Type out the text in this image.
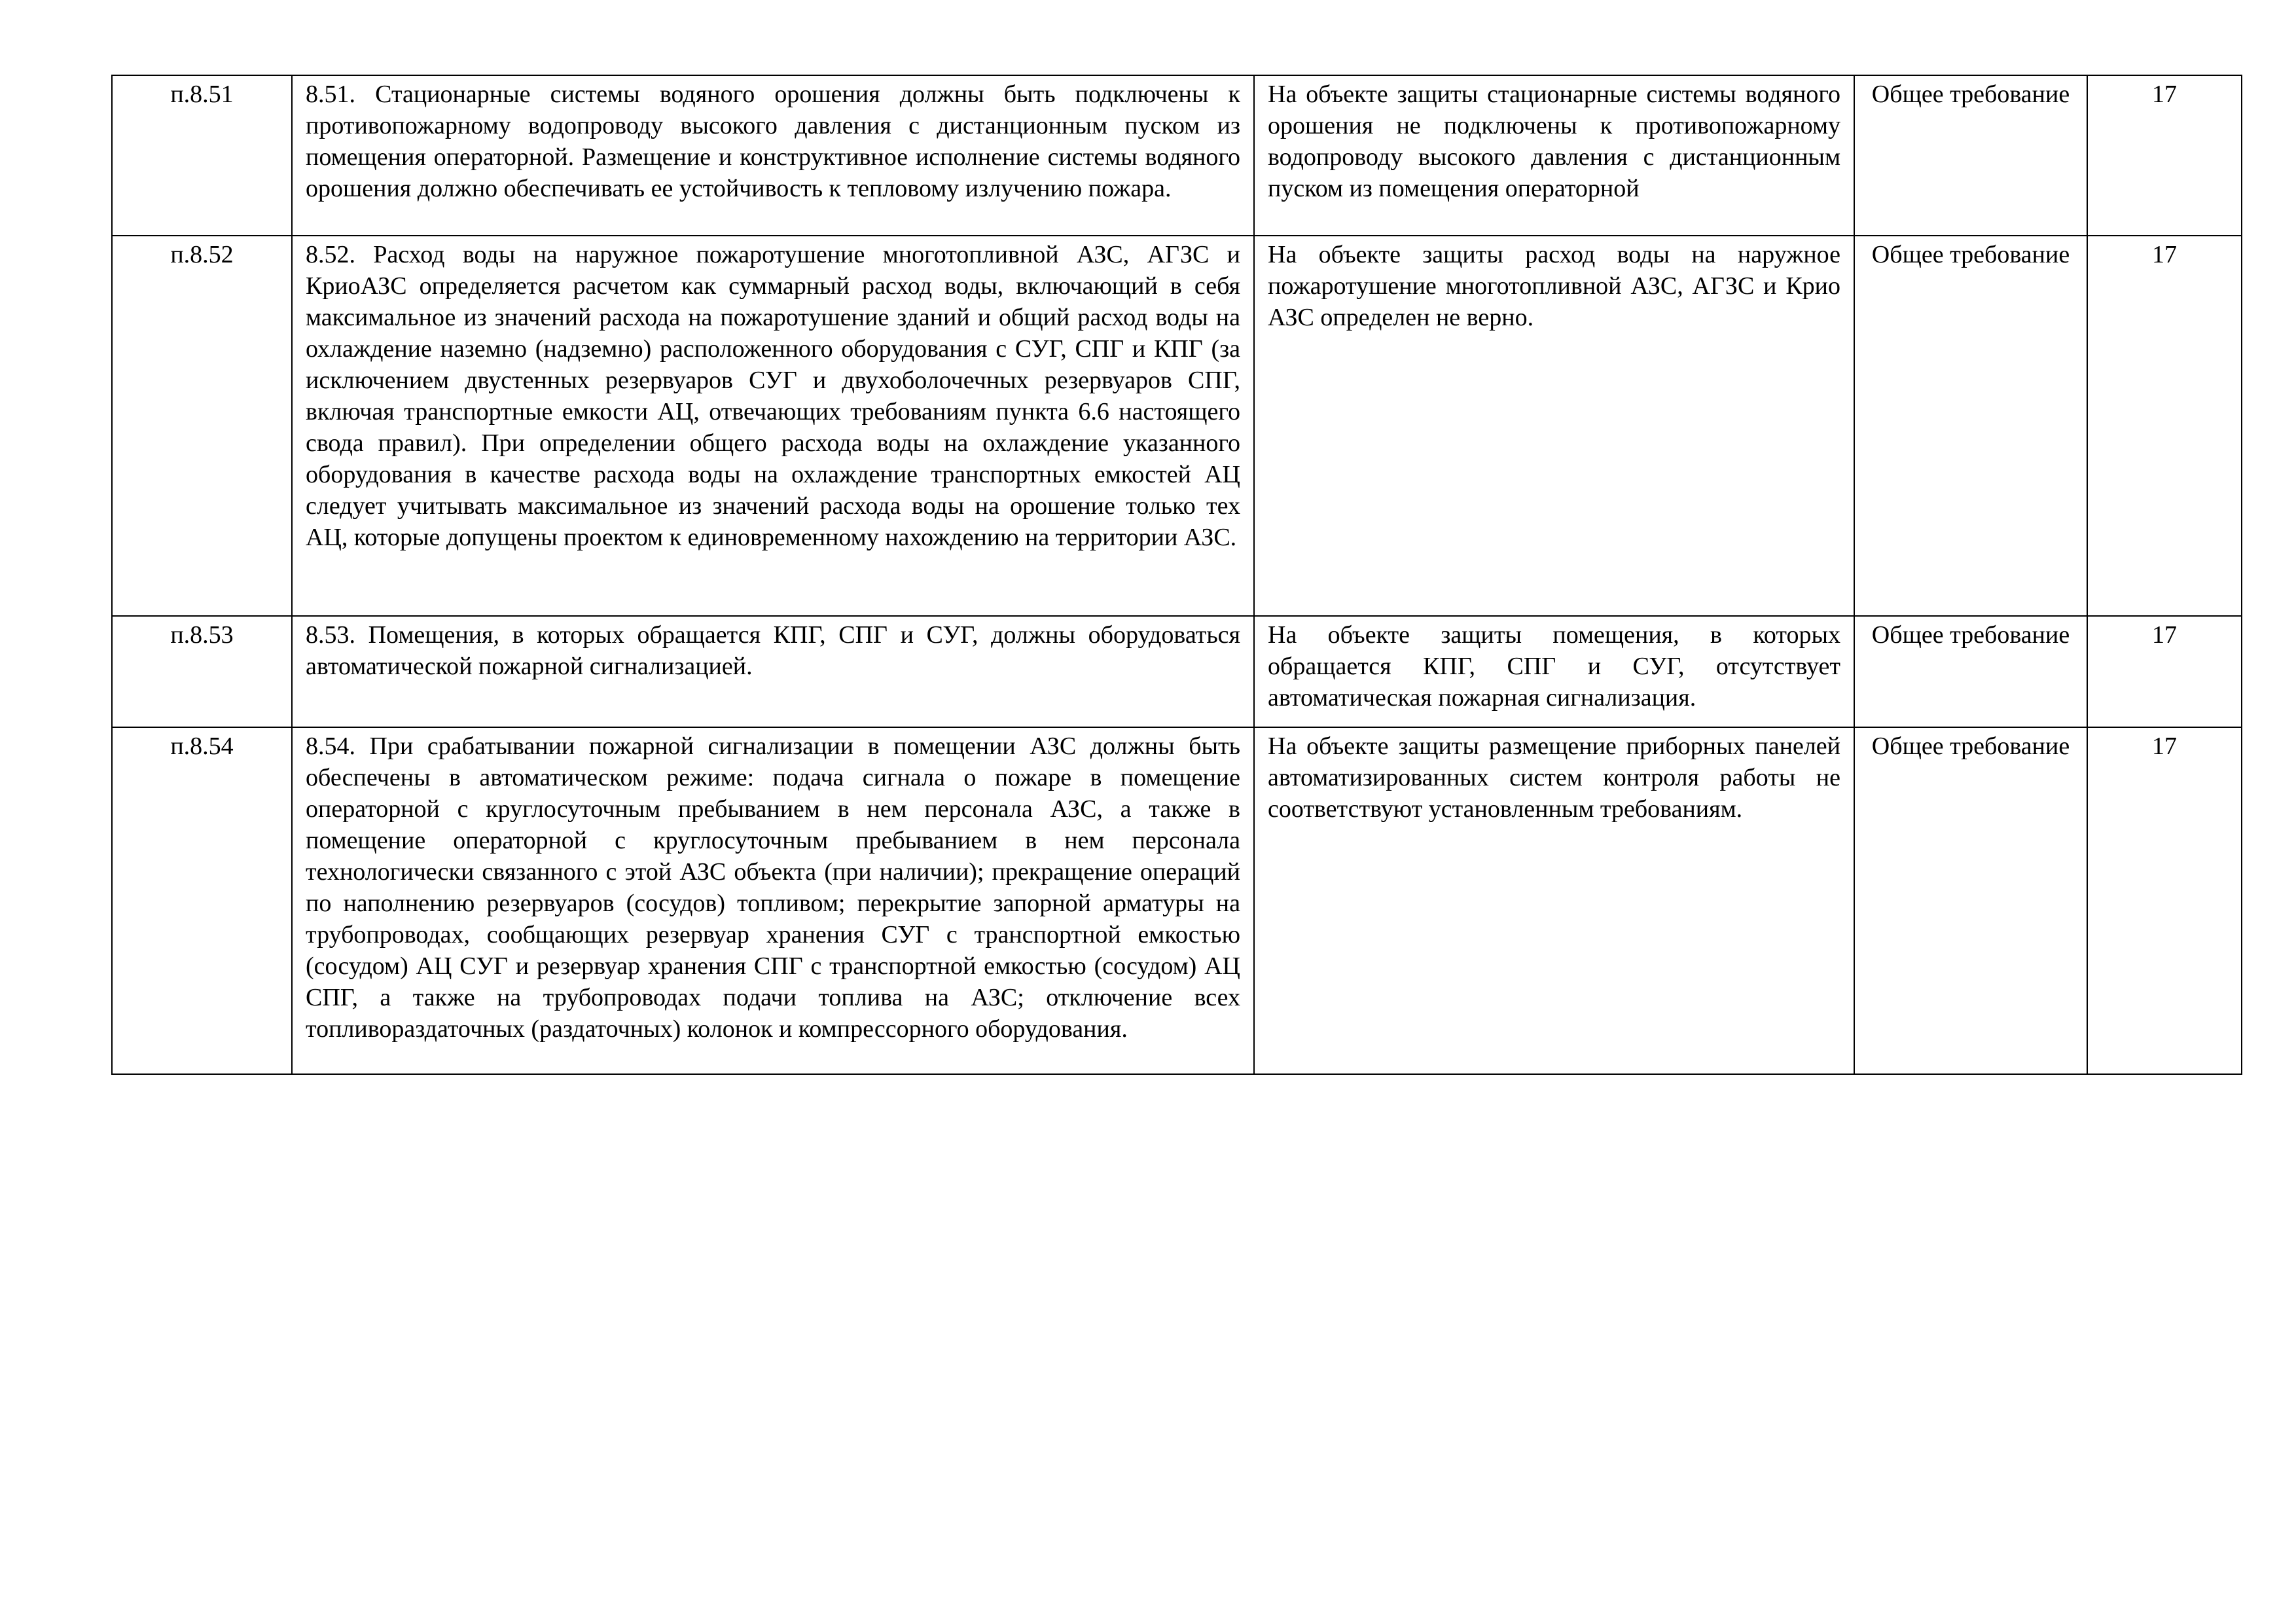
п.8.51	8.51. Стационарные системы водяного орошения должны быть подключены к противопожарному водопроводу высокого давления с дистанционным пуском из помещения операторной. Размещение и конструктивное исполнение системы водяного орошения должно обеспечивать ее устойчивость к тепловому излучению пожара.	На объекте защиты стационарные системы водяного орошения не подключены к противопожарному водопроводу высокого давления с дистанционным пуском из помещения операторной	Общее требование	17
п.8.52	8.52. Расход воды на наружное пожаротушение многотопливной АЗС, АГЗС и КриоАЗС определяется расчетом как суммарный расход воды, включающий в себя максимальное из значений расхода на пожаротушение зданий и общий расход воды на охлаждение наземно (надземно) расположенного оборудования с СУГ, СПГ и КПГ (за исключением двустенных резервуаров СУГ и двухоболочечных резервуаров СПГ, включая транспортные емкости АЦ, отвечающих требованиям пункта 6.6 настоящего свода правил). При определении общего расхода воды на охлаждение указанного оборудования в качестве расхода воды на охлаждение транспортных емкостей АЦ следует учитывать максимальное из значений расхода воды на орошение только тех АЦ, которые допущены проектом к единовременному нахождению на территории АЗС.	На объекте защиты расход воды на наружное пожаротушение многотопливной АЗС, АГЗС и Крио АЗС определен не верно.	Общее требование	17
п.8.53	8.53. Помещения, в которых обращается КПГ, СПГ и СУГ, должны оборудоваться автоматической пожарной сигнализацией.	На объекте защиты помещения, в которых обращается КПГ, СПГ и СУГ, отсутствует автоматическая пожарная сигнализация.	Общее требование	17
п.8.54	8.54. При срабатывании пожарной сигнализации в помещении АЗС должны быть обеспечены в автоматическом режиме: подача сигнала о пожаре в помещение операторной с круглосуточным пребыванием в нем персонала АЗС, а также в помещение операторной с круглосуточным пребыванием в нем персонала технологически связанного с этой АЗС объекта (при наличии); прекращение операций по наполнению резервуаров (сосудов) топливом; перекрытие запорной арматуры на трубопроводах, сообщающих резервуар хранения СУГ с транспортной емкостью (сосудом) АЦ СУГ и резервуар хранения СПГ с транспортной емкостью (сосудом) АЦ СПГ, а также на трубопроводах подачи топлива на АЗС; отключение всех топливораздаточных (раздаточных) колонок и компрессорного оборудования.	На объекте защиты размещение приборных панелей автоматизированных систем контроля работы не соответствуют установленным требованиям.	Общее требование	17
